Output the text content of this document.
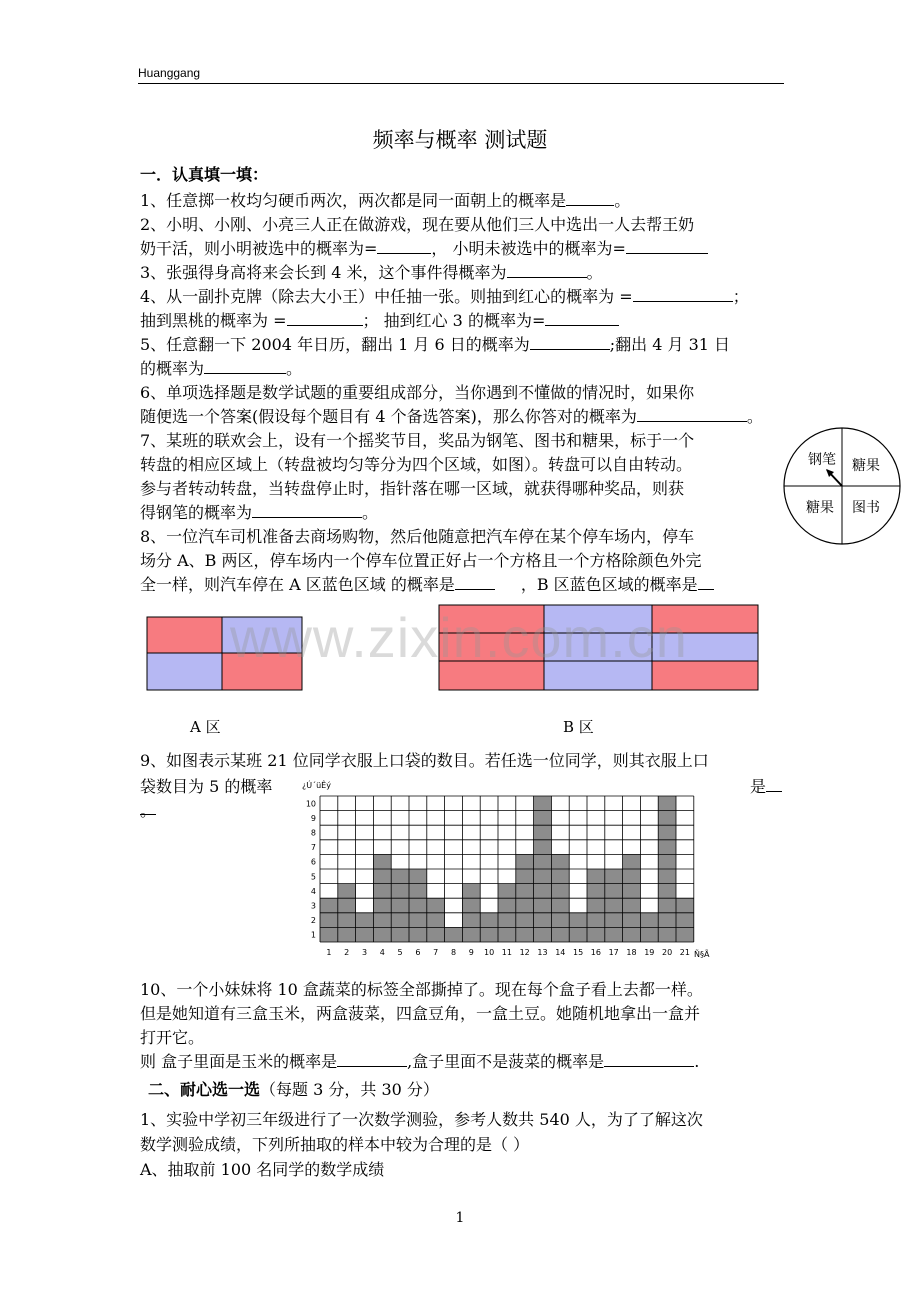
Huanggang
频率与概率 测试题
一．认真填一填：
1、任意掷一枚均匀硬币两次，两次都是同一面朝上的概率是	。
2、小明、小刚、小亮三人正在做游戏，现在要从他们三人中选出一人去帮王奶
奶干活，则小明被选中的概率为=	， 小明未被选中的概率为=
3、张强得身高将来会长到 4 米，这个事件得概率为	。
4、从一副扑克牌（除去大小王）中任抽一张。则抽到红心的概率为 =	；
抽到黑桃的概率为 =	； 抽到红心 3 的概率为=
5、任意翻一下 2004 年日历，翻出 1 月 6 日的概率为	;翻出 4 月 31 日
的概率为	。
6、单项选择题是数学试题的重要组成部分，当你遇到不懂做的情况时，如果你
随便选一个答案(假设每个题目有 4 个备选答案)，那么你答对的概率为	。
7、某班的联欢会上，设有一个摇奖节目，奖品为钢笔、图书和糖果，标于一个
转盘的相应区域上（转盘被均匀等分为四个区域，如图）。转盘可以自由转动。
参与者转动转盘，当转盘停止时，指针落在哪一区域，就获得哪种奖品，则获
得钢笔的概率为	。
钢笔 糖果
糖果 图书
8、一位汽车司机准备去商场购物，然后他随意把汽车停在某个停车场内，停车
场分 A、B 两区，停车场内一个停车位置正好占一个方格且一个方格除颜色外完
全一样，则汽车停在 A 区蓝色区域 的概率是	，B 区蓝色区域的概率是
www.zixin.com.cn
A 区	B 区
9、如图表示某班 21 位同学衣服上口袋的数目。若任选一位同学，则其衣服上口
袋数目为 5 的概率	是
。
1
2
3
4
5
6
7
8
9
10
1 2 3 4 5 6 7 8 9 10 11 12 13 14 15 16 17 18 19 20 21
¿Ú´üÊý
Ñ§Ã
10、一个小妹妹将 10 盒蔬菜的标签全部撕掉了。现在每个盒子看上去都一样。
但是她知道有三盒玉米，两盒菠菜，四盒豆角，一盒土豆。她随机地拿出一盒并
打开它。
则 盒子里面是玉米的概率是	,盒子里面不是菠菜的概率是	.
二、耐心选一选（每题 3 分，共 30 分）
1、实验中学初三年级进行了一次数学测验，参考人数共 540 人，为了了解这次
数学测验成绩，下列所抽取的样本中较为合理的是（ ）
A、抽取前 100 名同学的数学成绩
1
